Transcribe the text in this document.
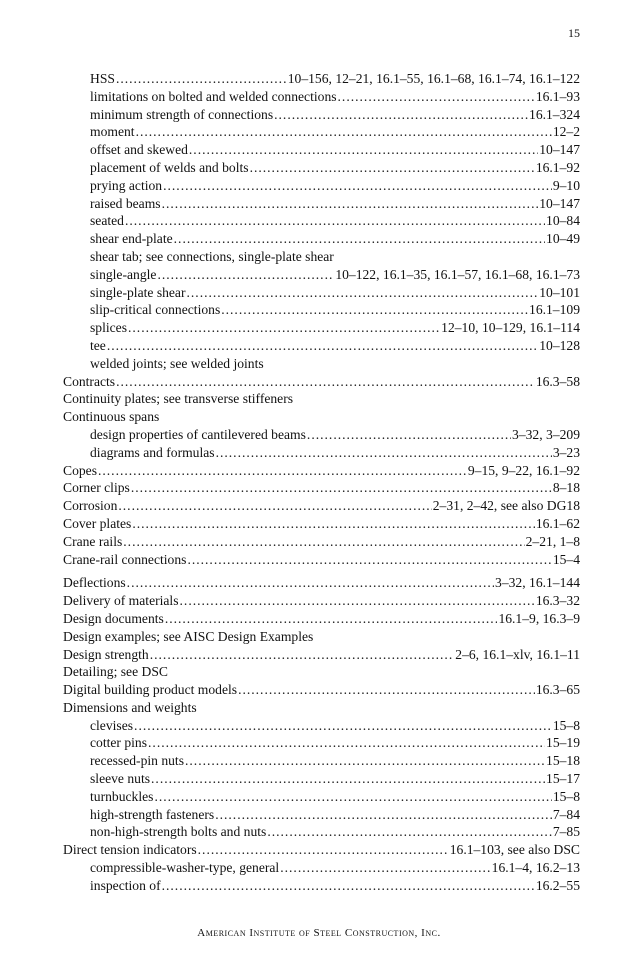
15
HSS .....	10–156, 12–21, 16.1–55, 16.1–68, 16.1–74, 16.1–122
limitations on bolted and welded connections .....	16.1–93
minimum strength of connections .....	16.1–324
moment .....	12–2
offset and skewed .....	10–147
placement of welds and bolts .....	16.1–92
prying action .....	9–10
raised beams .....	10–147
seated .....	10–84
shear end-plate .....	10–49
shear tab; see connections, single-plate shear
single-angle .....	10–122, 16.1–35, 16.1–57, 16.1–68, 16.1–73
single-plate shear .....	10–101
slip-critical connections .....	16.1–109
splices .....	12–10, 10–129, 16.1–114
tee .....	10–128
welded joints; see welded joints
Contracts .....	16.3–58
Continuity plates; see transverse stiffeners
Continuous spans
design properties of cantilevered beams .....	3–32, 3–209
diagrams and formulas .....	3–23
Copes .....	9–15, 9–22, 16.1–92
Corner clips .....	8–18
Corrosion .....	2–31, 2–42, see also DG18
Cover plates .....	16.1–62
Crane rails .....	2–21, 1–8
Crane-rail connections .....	15–4
Deflections .....	3–32, 16.1–144
Delivery of materials .....	16.3–32
Design documents .....	16.1–9, 16.3–9
Design examples; see AISC Design Examples
Design strength .....	2–6, 16.1–xlv, 16.1–11
Detailing; see DSC
Digital building product models .....	16.3–65
Dimensions and weights
clevises .....	15–8
cotter pins .....	15–19
recessed-pin nuts .....	15–18
sleeve nuts .....	15–17
turnbuckles .....	15–8
high-strength fasteners .....	7–84
non-high-strength bolts and nuts .....	7–85
Direct tension indicators .....	16.1–103, see also DSC
compressible-washer-type, general .....	16.1–4, 16.2–13
inspection of .....	16.2–55
American Institute of Steel Construction, Inc.
